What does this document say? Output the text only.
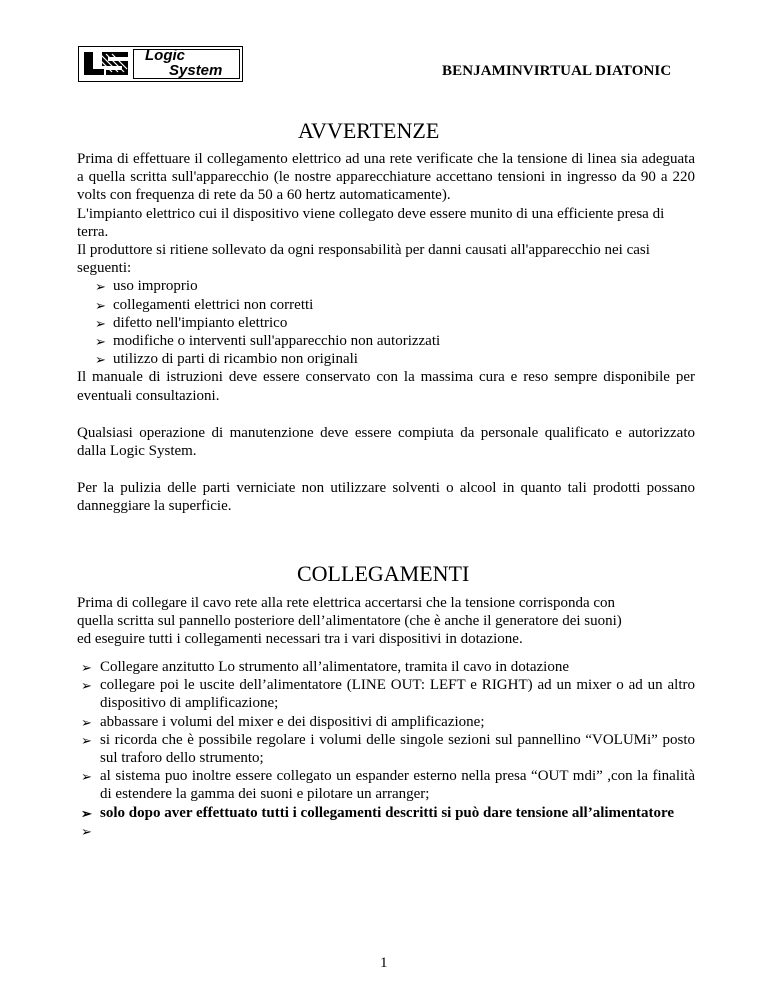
Logic
System	BENJAMINVIRTUAL DIATONIC
AVVERTENZE
Prima di effettuare il collegamento elettrico ad una rete verificate che la tensione di linea sia adeguata a quella scritta sull'apparecchio (le nostre apparecchiature accettano tensioni in ingresso da 90 a 220 volts con frequenza di rete da 50 a 60 hertz automaticamente).
L'impianto elettrico cui il dispositivo viene collegato deve essere munito di una efficiente presa di terra.
Il produttore si ritiene sollevato da ogni responsabilità per danni causati all'apparecchio nei casi seguenti:
➢ uso improprio
➢ collegamenti elettrici non corretti
➢ difetto nell'impianto elettrico
➢ modifiche o interventi sull'apparecchio non autorizzati
➢ utilizzo di parti di ricambio non originali
Il manuale di istruzioni deve essere conservato con la massima cura e reso sempre disponibile per eventuali consultazioni.
Qualsiasi operazione di manutenzione deve essere compiuta da personale qualificato e autorizzato dalla Logic System.
Per la pulizia delle parti verniciate non utilizzare solventi o alcool in quanto tali prodotti possano danneggiare la superficie.
COLLEGAMENTI
Prima di collegare il cavo rete alla rete elettrica accertarsi che la tensione corrisponda con
quella scritta sul pannello posteriore dell’alimentatore (che è anche il generatore dei suoni)
ed eseguire tutti i collegamenti necessari tra i vari dispositivi in dotazione.
➢ Collegare anzitutto Lo strumento all’alimentatore, tramita il cavo in dotazione
➢ collegare poi le uscite dell’alimentatore (LINE OUT: LEFT e RIGHT) ad un mixer o ad un altro dispositivo di amplificazione;
➢ abbassare i volumi del mixer e dei dispositivi di amplificazione;
➢ si ricorda che è possibile regolare i volumi delle singole sezioni sul pannellino “VOLUMi” posto sul traforo dello strumento;
➢ al sistema puo inoltre essere collegato un espander esterno nella presa “OUT mdi” ,con la finalità di estendere la gamma dei suoni e pilotare un arranger;
➢ solo dopo aver effettuato tutti i collegamenti descritti si può dare tensione all’alimentatore
➢

1
